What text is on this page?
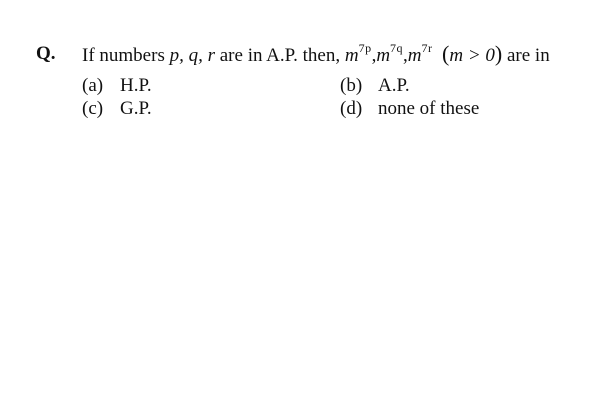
Q. If numbers p, q, r are in A.P. then, $m^{7p},m^{7q},m^{7r}$ (m > 0) are in
(a) H.P.	(b) A.P.
(c) G.P.	(d) none of these
